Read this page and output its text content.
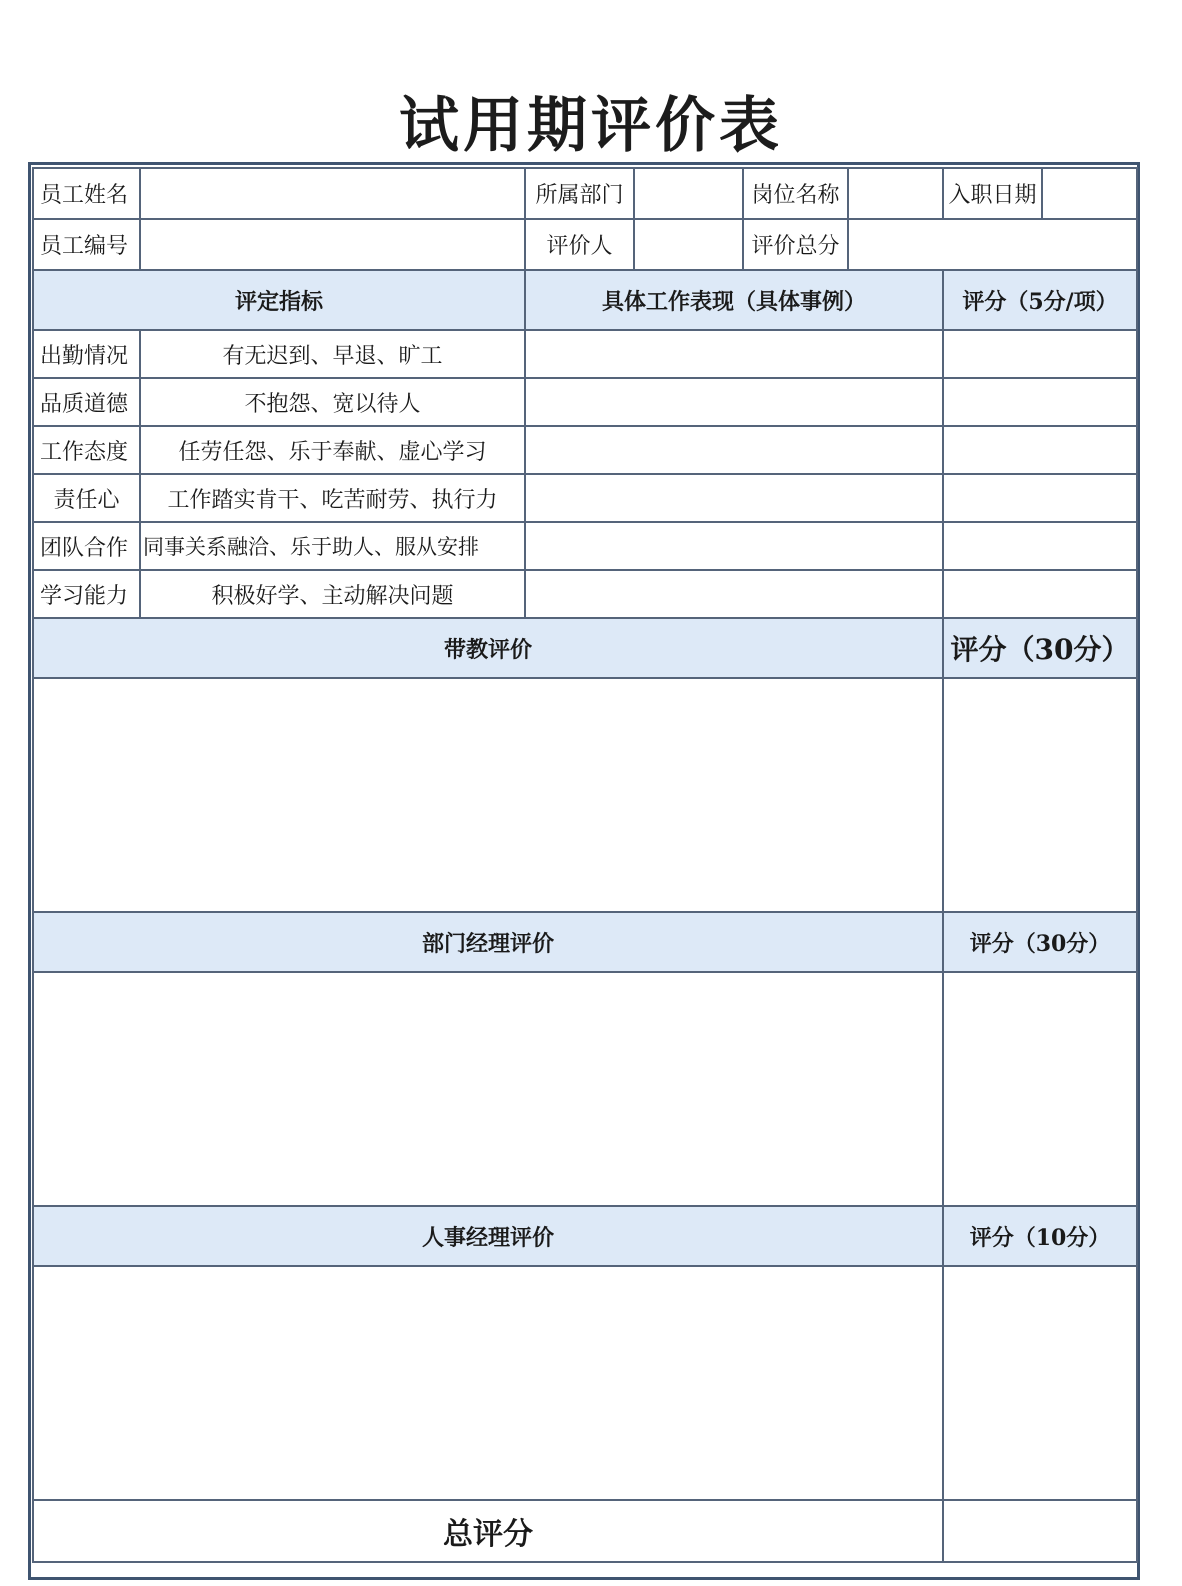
试用期评价表
员工姓名		所属部门		岗位名称		入职日期	
员工编号		评价人		评价总分			
评定指标		具体工作表现（具体事例）				评分（5分/项）	
出勤情况	有无迟到、早退、旷工						
品质道德	不抱怨、宽以待人						
工作态度	任劳任怨、乐于奉献、虚心学习						
责任心	工作踏实肯干、吃苦耐劳、执行力						
团队合作	同事关系融洽、乐于助人、服从安排						
学习能力	积极好学、主动解决问题						
带教评价						评分（30分）	

部门经理评价						评分（30分）	

人事经理评价						评分（10分）	

总评分							
